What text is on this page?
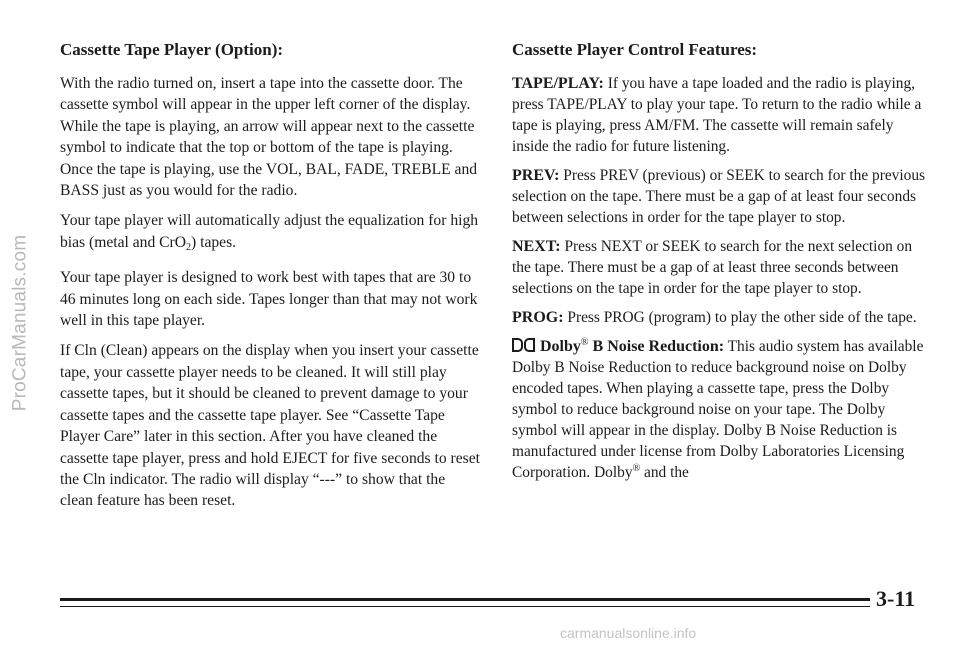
ProCarManuals.com
Cassette Tape Player (Option):

With the radio turned on, insert a tape into the cassette door. The cassette symbol will appear in the upper left corner of the display. While the tape is playing, an arrow will appear next to the cassette symbol to indicate that the top or bottom of the tape is playing. Once the tape is playing, use the VOL, BAL, FADE, TREBLE and BASS just as you would for the radio.

Your tape player will automatically adjust the equalization for high bias (metal and CrO$_2$) tapes.

Your tape player is designed to work best with tapes that are 30 to 46 minutes long on each side. Tapes longer than that may not work well in this tape player.

If Cln (Clean) appears on the display when you insert your cassette tape, your cassette player needs to be cleaned. It will still play cassette tapes, but it should be cleaned to prevent damage to your cassette tapes and the cassette tape player. See “Cassette Tape Player Care” later in this section. After you have cleaned the cassette tape player, press and hold EJECT for five seconds to reset the Cln indicator. The radio will display “---” to show that the clean feature has been reset.

Cassette Player Control Features:

TAPE/PLAY: If you have a tape loaded and the radio is playing, press TAPE/PLAY to play your tape. To return to the radio while a tape is playing, press AM/FM. The cassette will remain safely inside the radio for future listening.

PREV: Press PREV (previous) or SEEK to search for the previous selection on the tape. There must be a gap of at least four seconds between selections in order for the tape player to stop.

NEXT: Press NEXT or SEEK to search for the next selection on the tape. There must be a gap of at least three seconds between selections on the tape in order for the tape player to stop.

PROG: Press PROG (program) to play the other side of the tape.

Dolby® B Noise Reduction: This audio system has available Dolby B Noise Reduction to reduce background noise on Dolby encoded tapes. When playing a cassette tape, press the Dolby symbol to reduce background noise on your tape. The Dolby symbol will appear in the display. Dolby B Noise Reduction is manufactured under license from Dolby Laboratories Licensing Corporation. Dolby® and the

3-11
carmanualsonline.info
